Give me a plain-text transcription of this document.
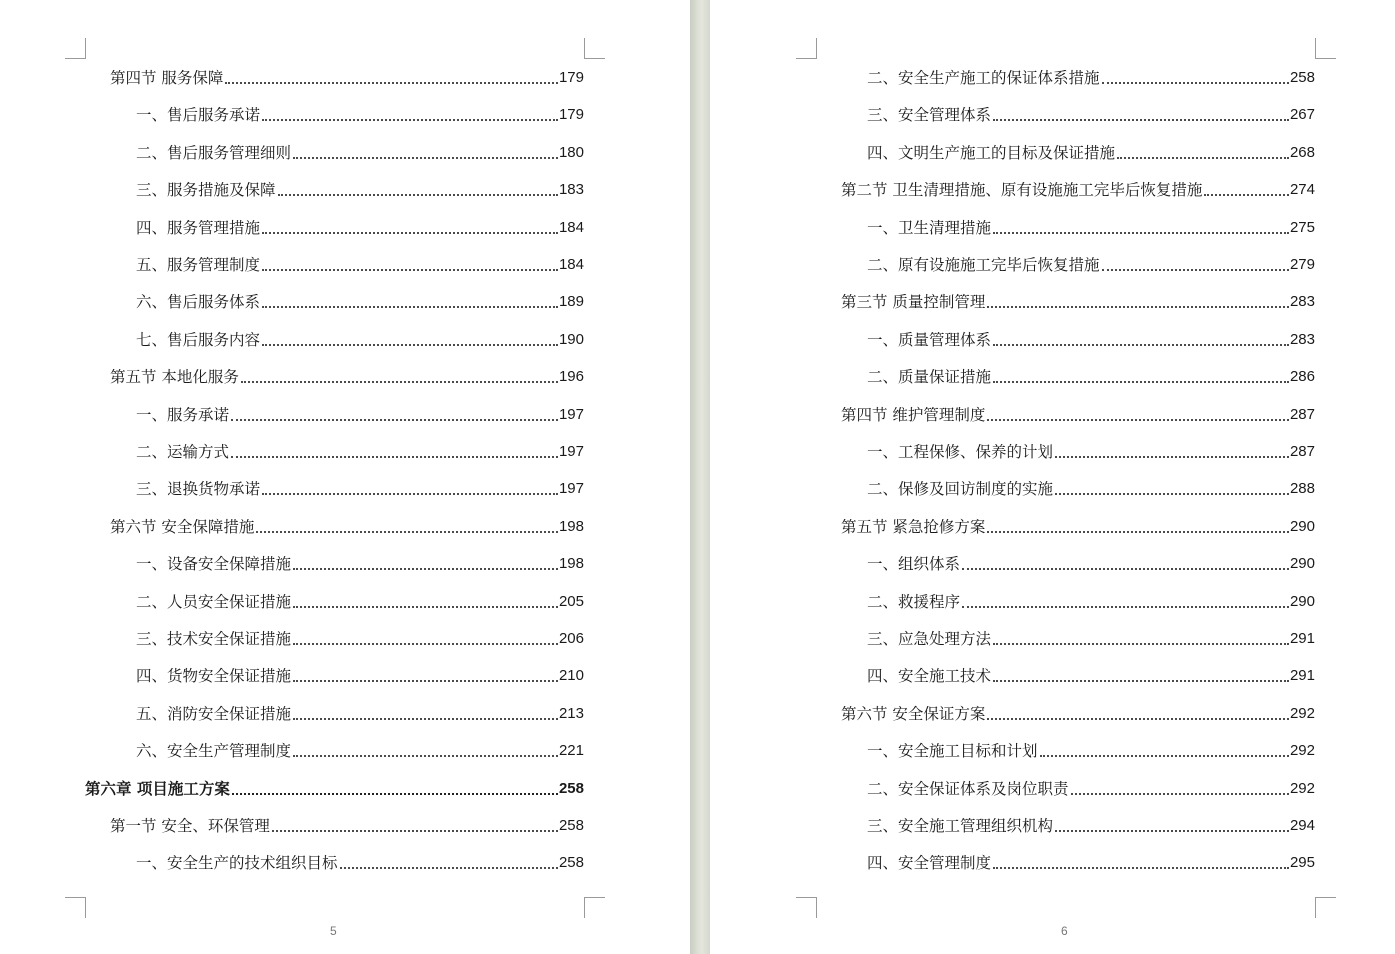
第四节 服务保障	179
一、售后服务承诺	179
二、售后服务管理细则	180
三、服务措施及保障	183
四、服务管理措施	184
五、服务管理制度	184
六、售后服务体系	189
七、售后服务内容	190
第五节 本地化服务	196
一、服务承诺	197
二、运输方式	197
三、退换货物承诺	197
第六节 安全保障措施	198
一、设备安全保障措施	198
二、人员安全保证措施	205
三、技术安全保证措施	206
四、货物安全保证措施	210
五、消防安全保证措施	213
六、安全生产管理制度	221
第六章 项目施工方案	258
第一节 安全、环保管理	258
一、安全生产的技术组织目标	258
5
二、安全生产施工的保证体系措施	258
三、安全管理体系	267
四、文明生产施工的目标及保证措施	268
第二节 卫生清理措施、原有设施施工完毕后恢复措施	274
一、卫生清理措施	275
二、原有设施施工完毕后恢复措施	279
第三节 质量控制管理	283
一、质量管理体系	283
二、质量保证措施	286
第四节 维护管理制度	287
一、工程保修、保养的计划	287
二、保修及回访制度的实施	288
第五节 紧急抢修方案	290
一、组织体系	290
二、救援程序	290
三、应急处理方法	291
四、安全施工技术	291
第六节 安全保证方案	292
一、安全施工目标和计划	292
二、安全保证体系及岗位职责	292
三、安全施工管理组织机构	294
四、安全管理制度	295
6
